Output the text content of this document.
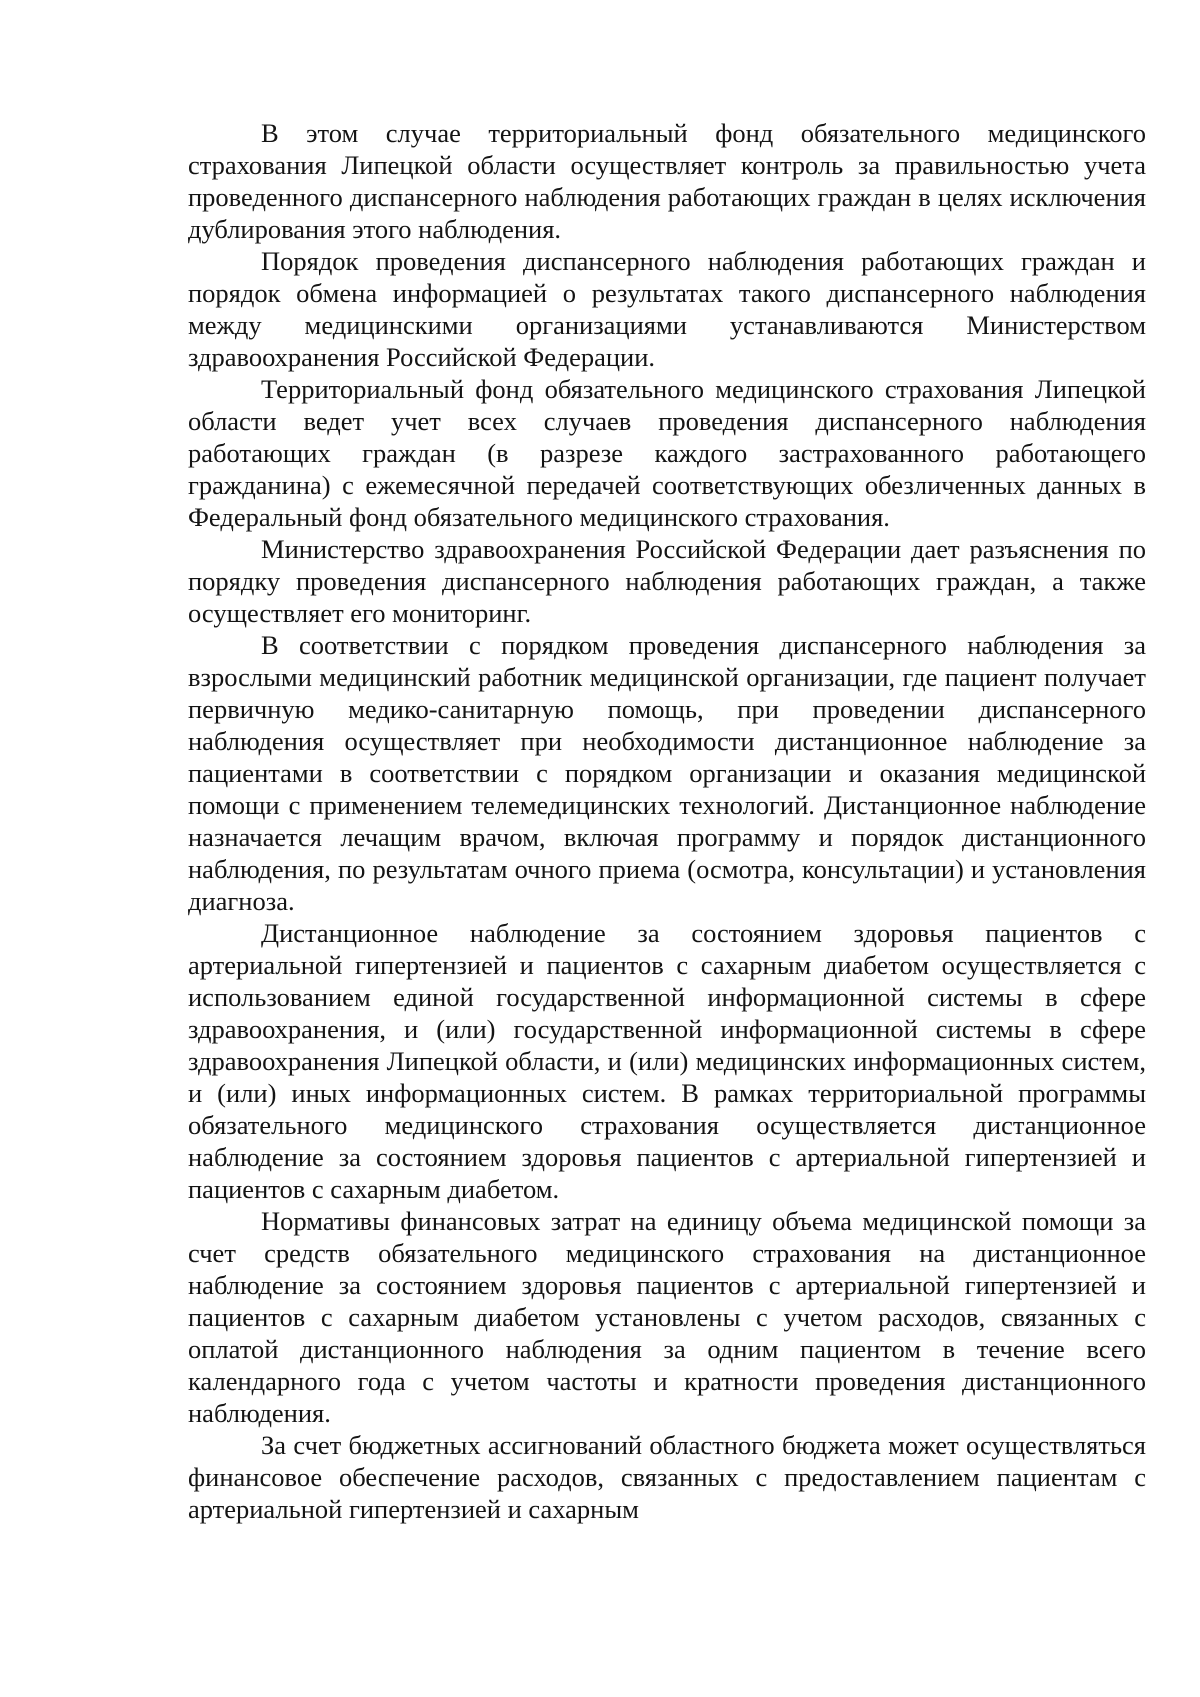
В этом случае территориальный фонд обязательного медицинского страхования Липецкой области осуществляет контроль за правильностью учета проведенного диспансерного наблюдения работающих граждан в целях исключения дублирования этого наблюдения.

Порядок проведения диспансерного наблюдения работающих граждан и порядок обмена информацией о результатах такого диспансерного наблюдения между медицинскими организациями устанавливаются Министерством здравоохранения Российской Федерации.

Территориальный фонд обязательного медицинского страхования Липецкой области ведет учет всех случаев проведения диспансерного наблюдения работающих граждан (в разрезе каждого застрахованного работающего гражданина) с ежемесячной передачей соответствующих обезличенных данных в Федеральный фонд обязательного медицинского страхования.

Министерство здравоохранения Российской Федерации дает разъяснения по порядку проведения диспансерного наблюдения работающих граждан, а также осуществляет его мониторинг.

В соответствии с порядком проведения диспансерного наблюдения за взрослыми медицинский работник медицинской организации, где пациент получает первичную медико-санитарную помощь, при проведении диспансерного наблюдения осуществляет при необходимости дистанционное наблюдение за пациентами в соответствии с порядком организации и оказания медицинской помощи с применением телемедицинских технологий. Дистанционное наблюдение назначается лечащим врачом, включая программу и порядок дистанционного наблюдения, по результатам очного приема (осмотра, консультации) и установления диагноза.

Дистанционное наблюдение за состоянием здоровья пациентов с артериальной гипертензией и пациентов с сахарным диабетом осуществляется с использованием единой государственной информационной системы в сфере здравоохранения, и (или) государственной информационной системы в сфере здравоохранения Липецкой области, и (или) медицинских информационных систем, и (или) иных информационных систем. В рамках территориальной программы обязательного медицинского страхования осуществляется дистанционное наблюдение за состоянием здоровья пациентов с артериальной гипертензией и пациентов с сахарным диабетом.

Нормативы финансовых затрат на единицу объема медицинской помощи за счет средств обязательного медицинского страхования на дистанционное наблюдение за состоянием здоровья пациентов с артериальной гипертензией и пациентов с сахарным диабетом установлены с учетом расходов, связанных с оплатой дистанционного наблюдения за одним пациентом в течение всего календарного года с учетом частоты и кратности проведения дистанционного наблюдения.

За счет бюджетных ассигнований областного бюджета может осуществляться финансовое обеспечение расходов, связанных с предоставлением пациентам с артериальной гипертензией и сахарным
